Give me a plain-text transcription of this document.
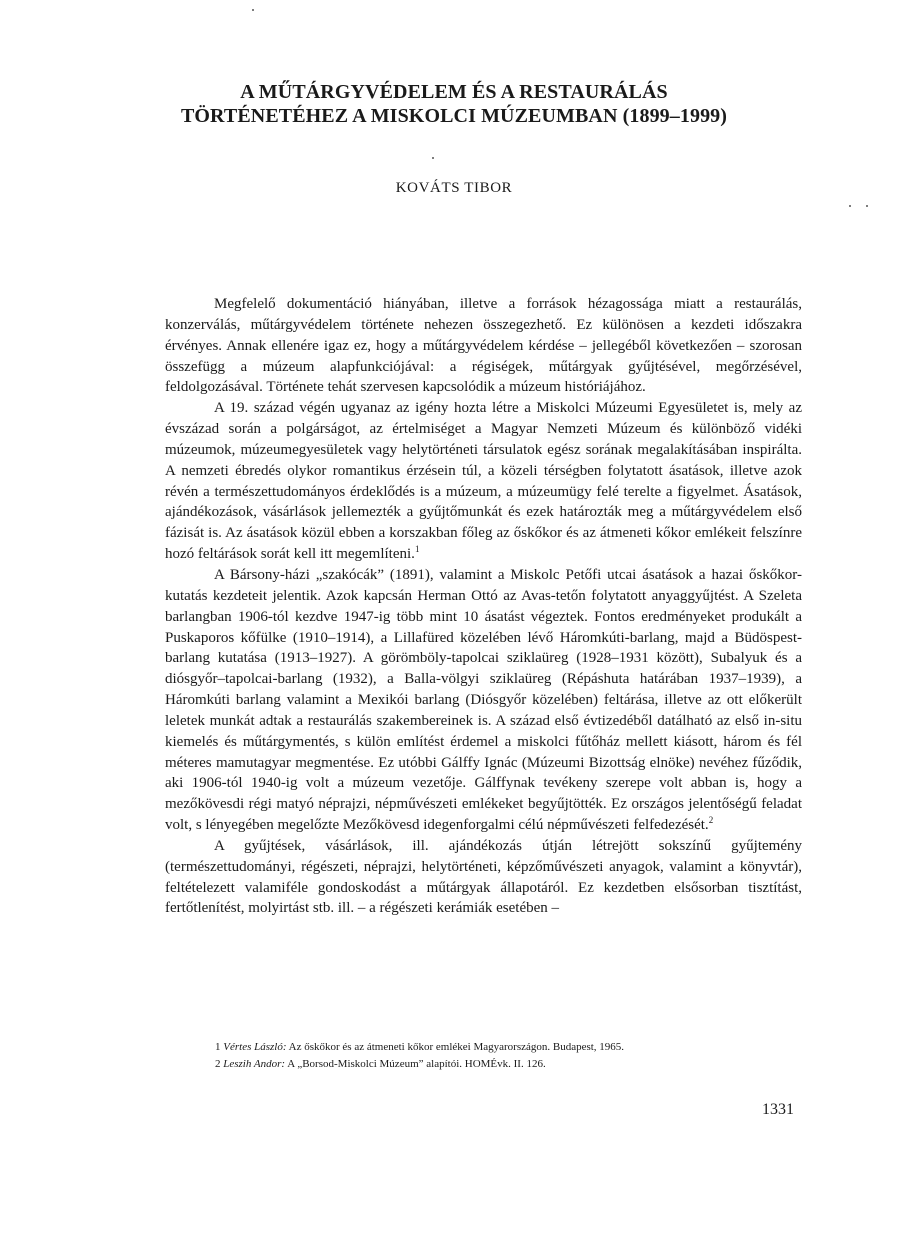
A MŰTÁRGYVÉDELEM ÉS A RESTAURÁLÁS
TÖRTÉNETÉHEZ A MISKOLCI MÚZEUMBAN (1899–1999)
KOVÁTS TIBOR

Megfelelő dokumentáció hiányában, illetve a források hézagossága miatt a restaurálás, konzerválás, műtárgyvédelem története nehezen összegezhető. Ez különösen a kezdeti időszakra érvényes. Annak ellenére igaz ez, hogy a műtárgyvédelem kérdése – jellegéből következően – szorosan összefügg a múzeum alapfunkciójával: a régiségek, műtárgyak gyűjtésével, megőrzésével, feldolgozásával. Története tehát szervesen kapcsolódik a múzeum históriájához.

A 19. század végén ugyanaz az igény hozta létre a Miskolci Múzeumi Egyesületet is, mely az évszázad során a polgárságot, az értelmiséget a Magyar Nemzeti Múzeum és különböző vidéki múzeumok, múzeumegyesületek vagy helytörténeti társulatok egész sorának megalakításában inspirálta. A nemzeti ébredés olykor romantikus érzésein túl, a közeli térségben folytatott ásatások, illetve azok révén a természettudományos érdeklődés is a múzeum, a múzeumügy felé terelte a figyelmet. Ásatások, ajándékozások, vásárlások jellemezték a gyűjtőmunkát és ezek határozták meg a műtárgyvédelem első fázisát is. Az ásatások közül ebben a korszakban főleg az őskőkor és az átmeneti kőkor emlékeit felszínre hozó feltárások sorát kell itt megemlíteni.$^1$

A Bársony-házi „szakócák” (1891), valamint a Miskolc Petőfi utcai ásatások a hazai őskőkor-kutatás kezdeteit jelentik. Azok kapcsán Herman Ottó az Avas-tetőn folytatott anyaggyűjtést. A Szeleta barlangban 1906-tól kezdve 1947-ig több mint 10 ásatást végeztek. Fontos eredményeket produkált a Puskaporos kőfülke (1910–1914), a Lillafüred közelében lévő Háromkúti-barlang, majd a Büdöspest-barlang kutatása (1913–1927). A görömböly-tapolcai sziklaüreg (1928–1931 között), Subalyuk és a diósgyőr–tapolcai-barlang (1932), a Balla-völgyi sziklaüreg (Répáshuta határában 1937–1939), a Háromkúti barlang valamint a Mexikói barlang (Diósgyőr közelében) feltárása, illetve az ott előkerült leletek munkát adtak a restaurálás szakembereinek is. A század első évtizedéből datálható az első in-situ kiemelés és műtárgymentés, s külön említést érdemel a miskolci fűtőház mellett kiásott, három és fél méteres mamutagyar megmentése. Ez utóbbi Gálffy Ignác (Múzeumi Bizottság elnöke) nevéhez fűződik, aki 1906-tól 1940-ig volt a múzeum vezetője. Gálffynak tevékeny szerepe volt abban is, hogy a mezőkövesdi régi matyó néprajzi, népművészeti emlékeket begyűjtötték. Ez országos jelentőségű feladat volt, s lényegében megelőzte Mezőkövesd idegenforgalmi célú népművészeti felfedezését.$^2$

A gyűjtések, vásárlások, ill. ajándékozás útján létrejött sokszínű gyűjtemény (természettudományi, régészeti, néprajzi, helytörténeti, képzőművészeti anyagok, valamint a könyvtár), feltételezett valamiféle gondoskodást a műtárgyak állapotáról. Ez kezdetben elsősorban tisztítást, fertőtlenítést, molyirtást stb. ill. – a régészeti kerámiák esetében –

1 Vértes László: Az őskőkor és az átmeneti kőkor emlékei Magyarországon. Budapest, 1965.
2 Leszih Andor: A „Borsod-Miskolci Múzeum” alapítói. HOMÉvk. II. 126.
1331
